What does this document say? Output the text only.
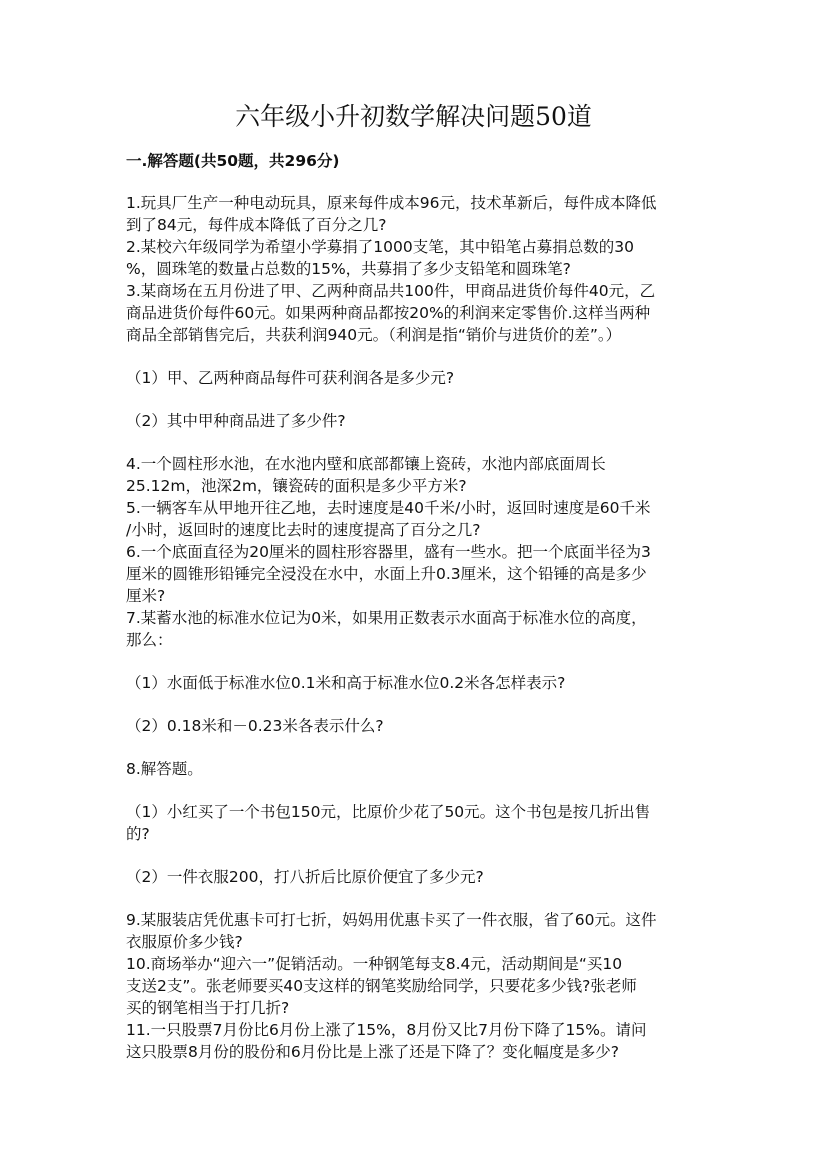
六年级小升初数学解决问题50道
一.解答题(共50题，共296分)
1.玩具厂生产一种电动玩具，原来每件成本96元，技术革新后，每件成本降低
到了84元，每件成本降低了百分之几?
2.某校六年级同学为希望小学募捐了1000支笔，其中铅笔占募捐总数的30
%，圆珠笔的数量占总数的15%，共募捐了多少支铅笔和圆珠笔?
3.某商场在五月份进了甲、乙两种商品共100件，甲商品进货价每件40元，乙
商品进货价每件60元。如果两种商品都按20%的利润来定零售价.这样当两种
商品全部销售完后，共获利润940元。（利润是指“销价与进货价的差”。）
（1）甲、乙两种商品每件可获利润各是多少元?
（2）其中甲种商品进了多少件?
4.一个圆柱形水池，在水池内壁和底部都镶上瓷砖，水池内部底面周长
25.12m，池深2m，镶瓷砖的面积是多少平方米?
5.一辆客车从甲地开往乙地，去时速度是40千米/小时，返回时速度是60千米
/小时，返回时的速度比去时的速度提高了百分之几?
6.一个底面直径为20厘米的圆柱形容器里，盛有一些水。把一个底面半径为3
厘米的圆锥形铅锤完全浸没在水中，水面上升0.3厘米，这个铅锤的高是多少
厘米?
7.某蓄水池的标准水位记为0米，如果用正数表示水面高于标准水位的高度，
那么：
（1）水面低于标准水位0.1米和高于标准水位0.2米各怎样表示?
（2）0.18米和－0.23米各表示什么?
8.解答题。
（1）小红买了一个书包150元，比原价少花了50元。这个书包是按几折出售
的?
（2）一件衣服200，打八折后比原价便宜了多少元?
9.某服装店凭优惠卡可打七折，妈妈用优惠卡买了一件衣服，省了60元。这件
衣服原价多少钱?
10.商场举办“迎六一”促销活动。一种钢笔每支8.4元，活动期间是“买10
支送2支”。张老师要买40支这样的钢笔奖励给同学，只要花多少钱?张老师
买的钢笔相当于打几折?
11.一只股票7月份比6月份上涨了15%，8月份又比7月份下降了15%。请问
这只股票8月份的股份和6月份比是上涨了还是下降了？变化幅度是多少?
